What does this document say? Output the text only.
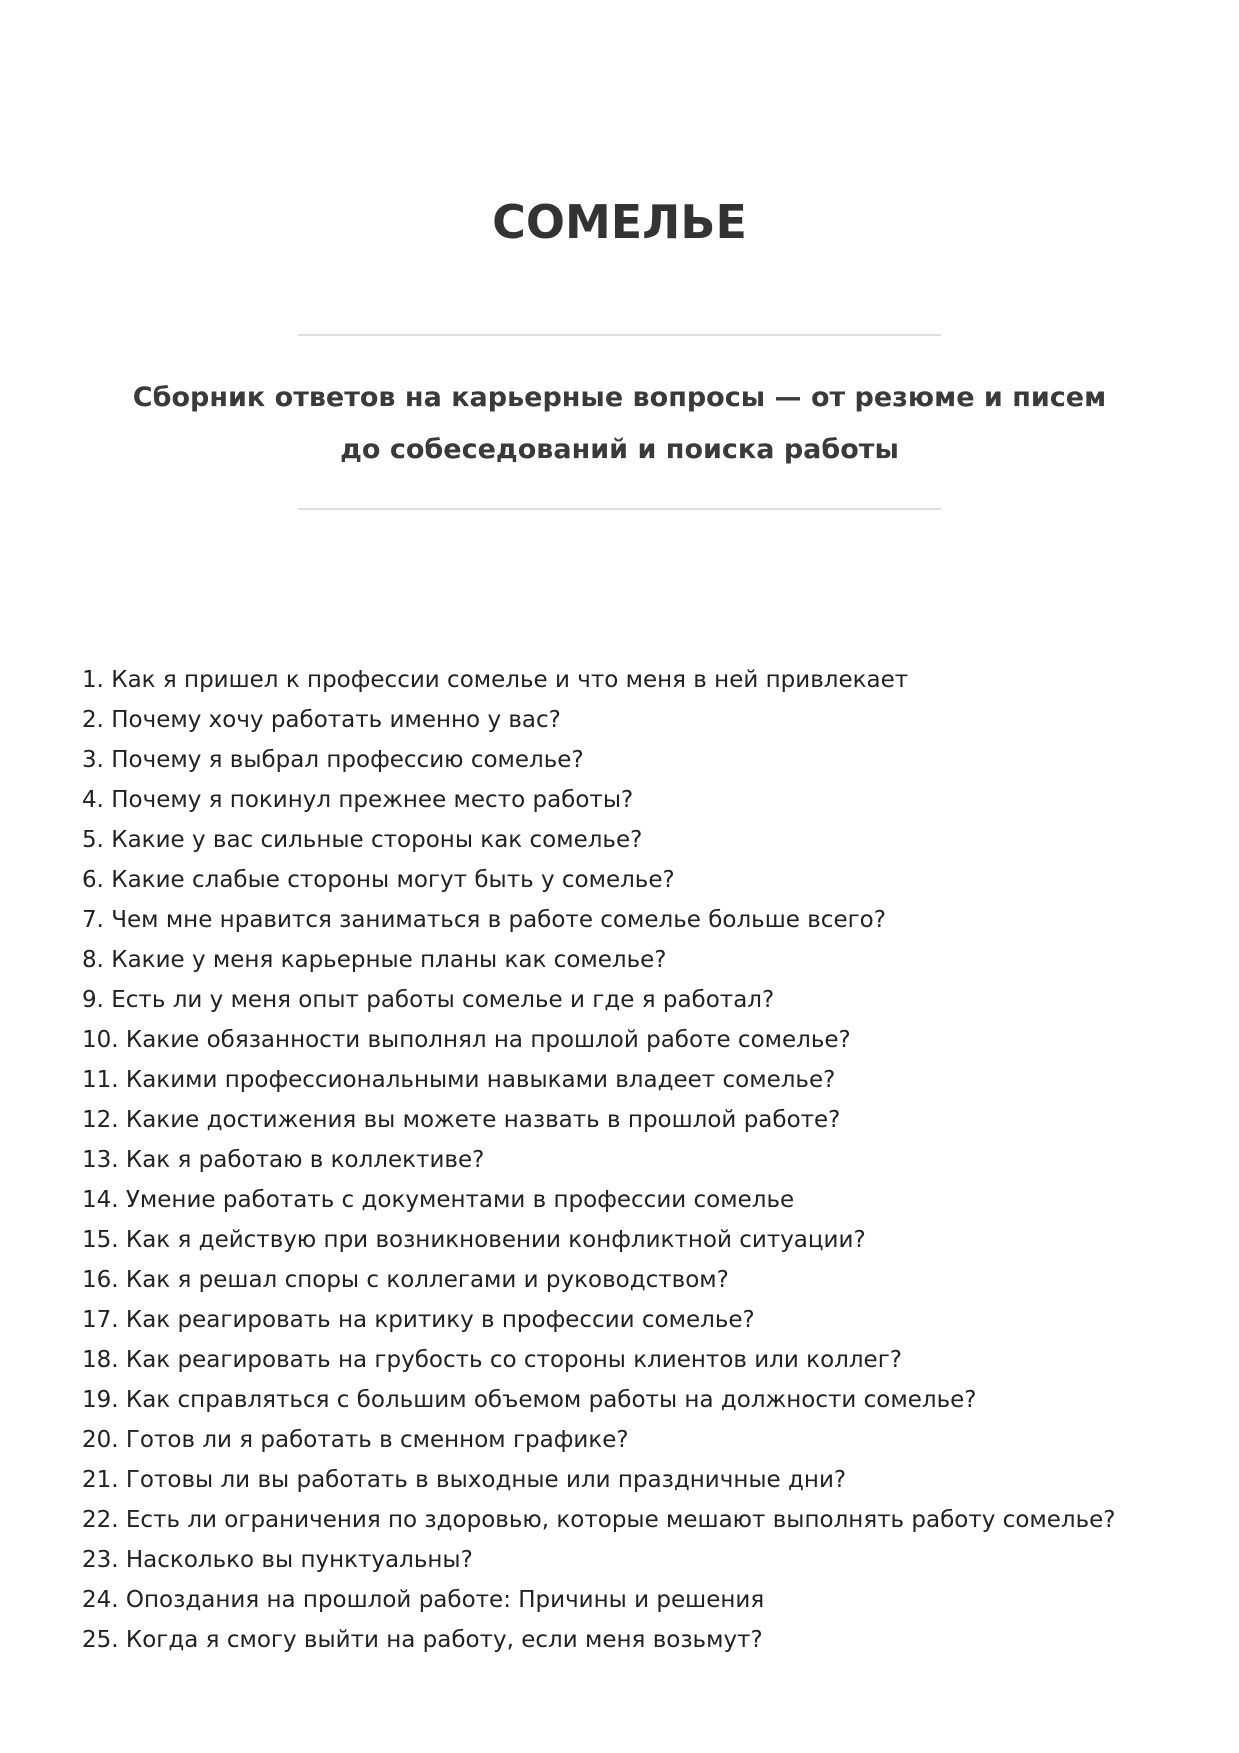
СОМЕЛЬЕ

Сборник ответов на карьерные вопросы — от резюме и писем до собеседований и поиска работы

1. Как я пришел к профессии сомелье и что меня в ней привлекает
2. Почему хочу работать именно у вас?
3. Почему я выбрал профессию сомелье?
4. Почему я покинул прежнее место работы?
5. Какие у вас сильные стороны как сомелье?
6. Какие слабые стороны могут быть у сомелье?
7. Чем мне нравится заниматься в работе сомелье больше всего?
8. Какие у меня карьерные планы как сомелье?
9. Есть ли у меня опыт работы сомелье и где я работал?
10. Какие обязанности выполнял на прошлой работе сомелье?
11. Какими профессиональными навыками владеет сомелье?
12. Какие достижения вы можете назвать в прошлой работе?
13. Как я работаю в коллективе?
14. Умение работать с документами в профессии сомелье
15. Как я действую при возникновении конфликтной ситуации?
16. Как я решал споры с коллегами и руководством?
17. Как реагировать на критику в профессии сомелье?
18. Как реагировать на грубость со стороны клиентов или коллег?
19. Как справляться с большим объемом работы на должности сомелье?
20. Готов ли я работать в сменном графике?
21. Готовы ли вы работать в выходные или праздничные дни?
22. Есть ли ограничения по здоровью, которые мешают выполнять работу сомелье?
23. Насколько вы пунктуальны?
24. Опоздания на прошлой работе: Причины и решения
25. Когда я смогу выйти на работу, если меня возьмут?
